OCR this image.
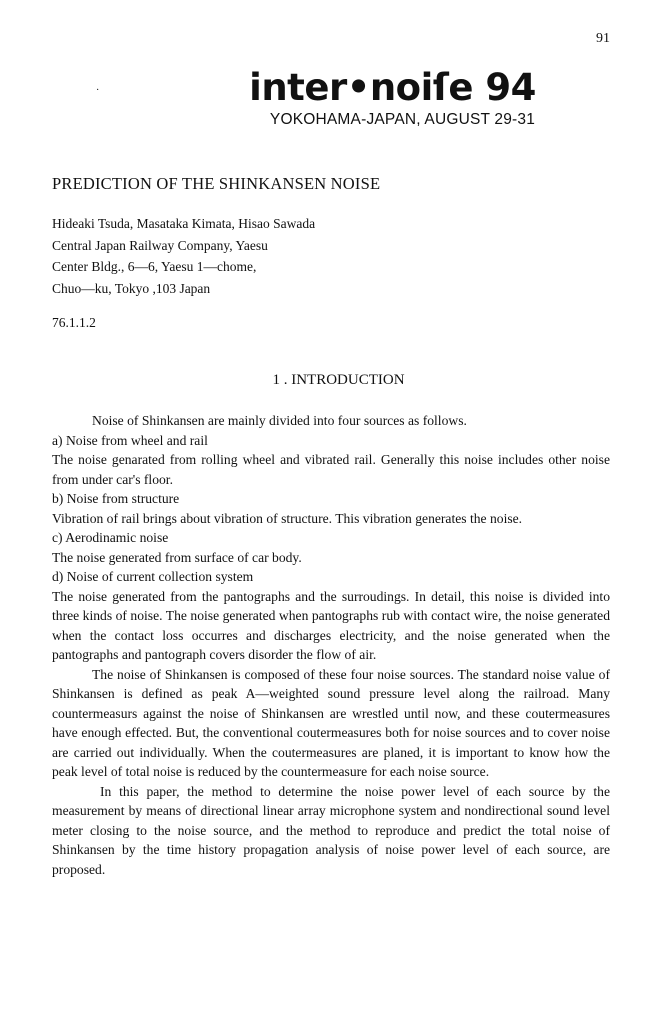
91
·	inter•noiſe 94
YOKOHAMA-JAPAN, AUGUST 29-31
PREDICTION OF THE SHINKANSEN NOISE
Hideaki Tsuda, Masataka Kimata, Hisao Sawada
Central Japan Railway Company, Yaesu
Center Bldg., 6—6, Yaesu 1—chome,
Chuo—ku, Tokyo ,103 Japan
76.1.1.2
1 . INTRODUCTION

Noise of Shinkansen are mainly divided into four sources as follows.

a) Noise from wheel and rail

The noise genarated from rolling wheel and vibrated rail. Generally this noise includes other noise from under car's floor.

b) Noise from structure

Vibration of rail brings about vibration of structure. This vibration generates the noise.

c) Aerodinamic noise

The noise generated from surface of car body.

d) Noise of current collection system

The noise generated from the pantographs and the surroudings. In detail, this noise is divided into three kinds of noise. The noise generated when pantographs rub with contact wire, the noise generated when the contact loss occurres and discharges electricity, and the noise generated when the pantographs and pantograph covers disorder the flow of air.

The noise of Shinkansen is composed of these four noise sources. The standard noise value of Shinkansen is defined as peak A—weighted sound pressure level along the railroad. Many countermeasurs against the noise of Shinkansen are wrestled until now, and these coutermeasures have enough effected. But, the conventional coutermeasures both for noise sources and to cover noise are carried out individually. When the coutermeasures are planed, it is important to know how the peak level of total noise is reduced by the countermeasure for each noise source.

In this paper, the method to determine the noise power level of each source by the measurement by means of directional linear array microphone system and nondirectional sound level meter closing to the noise source, and the method to reproduce and predict the total noise of Shinkansen by the time history propagation analysis of noise power level of each source, are proposed.
